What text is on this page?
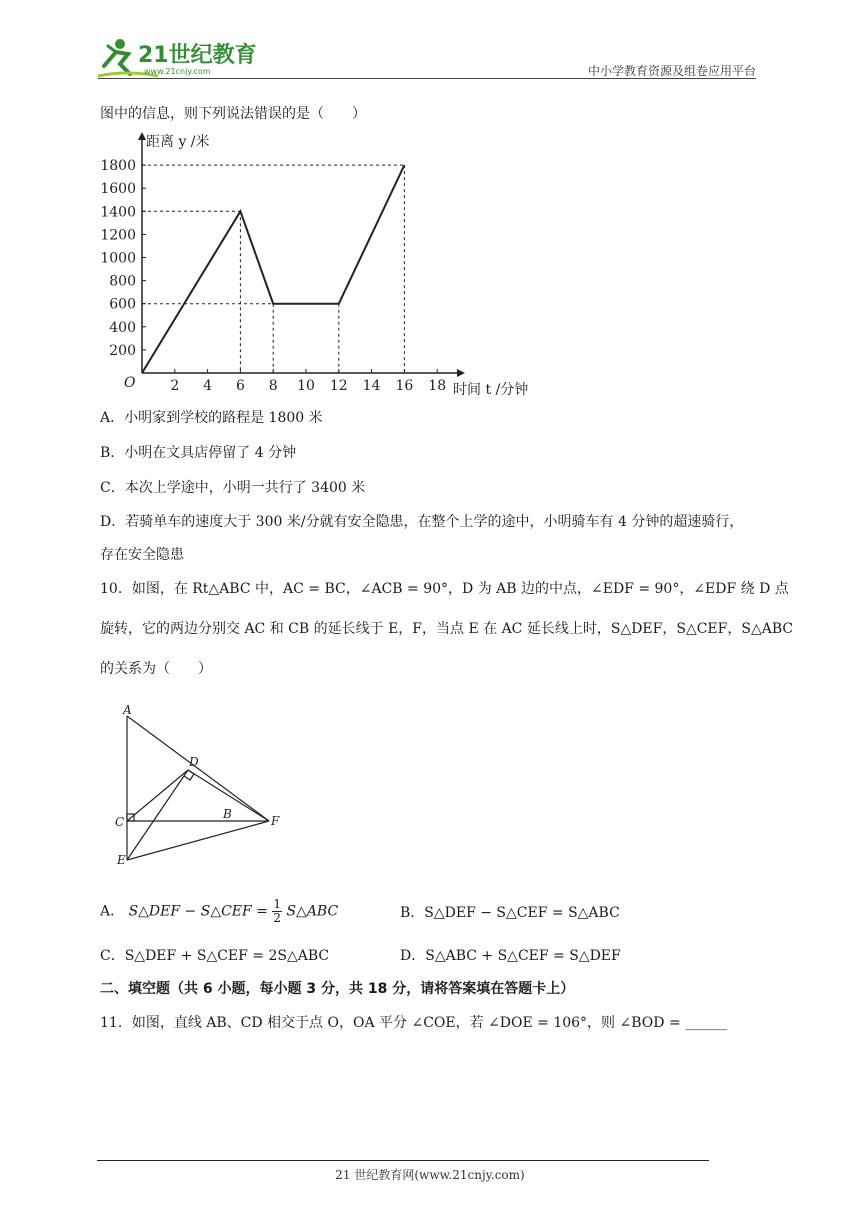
21世纪教育
www.21cnjy.com	中小学教育资源及组卷应用平台
图中的信息，则下列说法错误的是（　　）
距离 y /米
时间 t /分钟
O
200
400
600
800
1000
1200
1400
1600
1800
2 4 6 8 10 12 14 16 18
A．小明家到学校的路程是 1800 米
B．小明在文具店停留了 4 分钟
C．本次上学途中，小明一共行了 3400 米
D．若骑单车的速度大于 300 米/分就有安全隐患，在整个上学的途中，小明骑车有 4 分钟的超速骑行，
存在安全隐患
10．如图，在 Rt△ABC 中，AC = BC，∠ACB = 90°，D 为 AB 边的中点，∠EDF = 90°，∠EDF 绕 D 点
旋转，它的两边分别交 AC 和 CB 的延长线于 E，F，当点 E 在 AC 延长线上时，S△DEF，S△CEF，S△ABC
的关系为（　　）
A
D
C
B	F
E
A． S△DEF − S△CEF = $\frac{1}{2}$ S△ABC	B．S△DEF − S△CEF = S△ABC
C．S△DEF + S△CEF = 2S△ABC	D．S△ABC + S△CEF = S△DEF
二、填空题（共 6 小题，每小题 3 分，共 18 分，请将答案填在答题卡上）
11．如图，直线 AB、CD 相交于点 O，OA 平分 ∠COE，若 ∠DOE = 106°，则 ∠BOD = ______
21 世纪教育网(www.21cnjy.com)
